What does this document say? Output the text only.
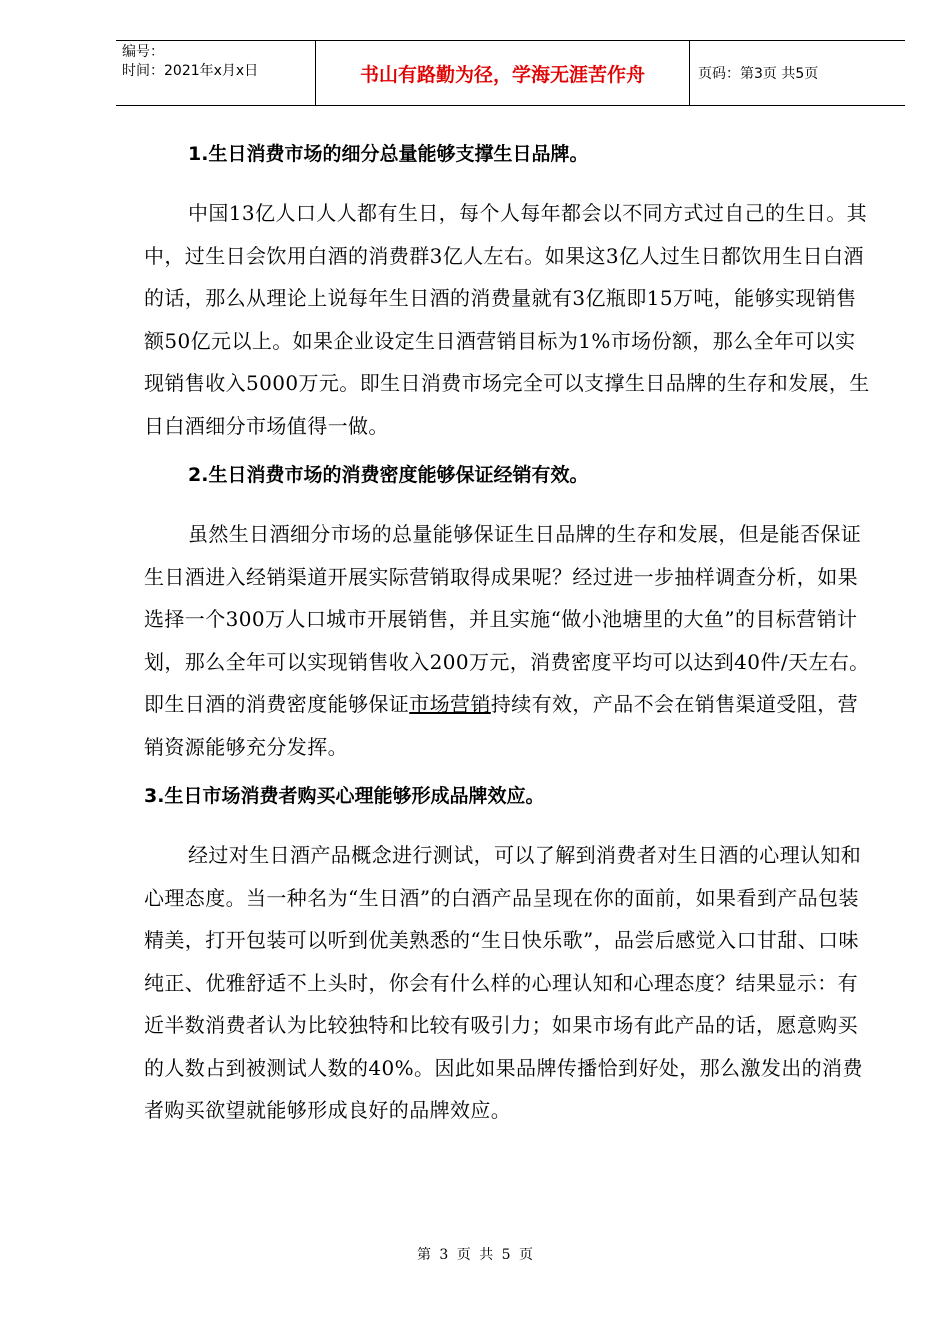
编号：
时间：2021年x月x日	书山有路勤为径，学海无涯苦作舟	页码：第3页 共5页
1.生日消费市场的细分总量能够支撑生日品牌。

中国13亿人口人人都有生日，每个人每年都会以不同方式过自己的生日。其中，过生日会饮用白酒的消费群3亿人左右。如果这3亿人过生日都饮用生日白酒的话，那么从理论上说每年生日酒的消费量就有3亿瓶即15万吨，能够实现销售额50亿元以上。如果企业设定生日酒营销目标为1%市场份额，那么全年可以实现销售收入5000万元。即生日消费市场完全可以支撑生日品牌的生存和发展，生日白酒细分市场值得一做。

2.生日消费市场的消费密度能够保证经销有效。

虽然生日酒细分市场的总量能够保证生日品牌的生存和发展，但是能否保证生日酒进入经销渠道开展实际营销取得成果呢？经过进一步抽样调查分析，如果选择一个300万人口城市开展销售，并且实施“做小池塘里的大鱼”的目标营销计划，那么全年可以实现销售收入200万元，消费密度平均可以达到40件/天左右。即生日酒的消费密度能够保证市场营销持续有效，产品不会在销售渠道受阻，营销资源能够充分发挥。

3.生日市场消费者购买心理能够形成品牌效应。

经过对生日酒产品概念进行测试，可以了解到消费者对生日酒的心理认知和心理态度。当一种名为“生日酒”的白酒产品呈现在你的面前，如果看到产品包装精美，打开包装可以听到优美熟悉的“生日快乐歌”，品尝后感觉入口甘甜、口味纯正、优雅舒适不上头时，你会有什么样的心理认知和心理态度？结果显示：有近半数消费者认为比较独特和比较有吸引力；如果市场有此产品的话，愿意购买的人数占到被测试人数的40%。因此如果品牌传播恰到好处，那么激发出的消费者购买欲望就能够形成良好的品牌效应。

第 3 页 共 5 页
